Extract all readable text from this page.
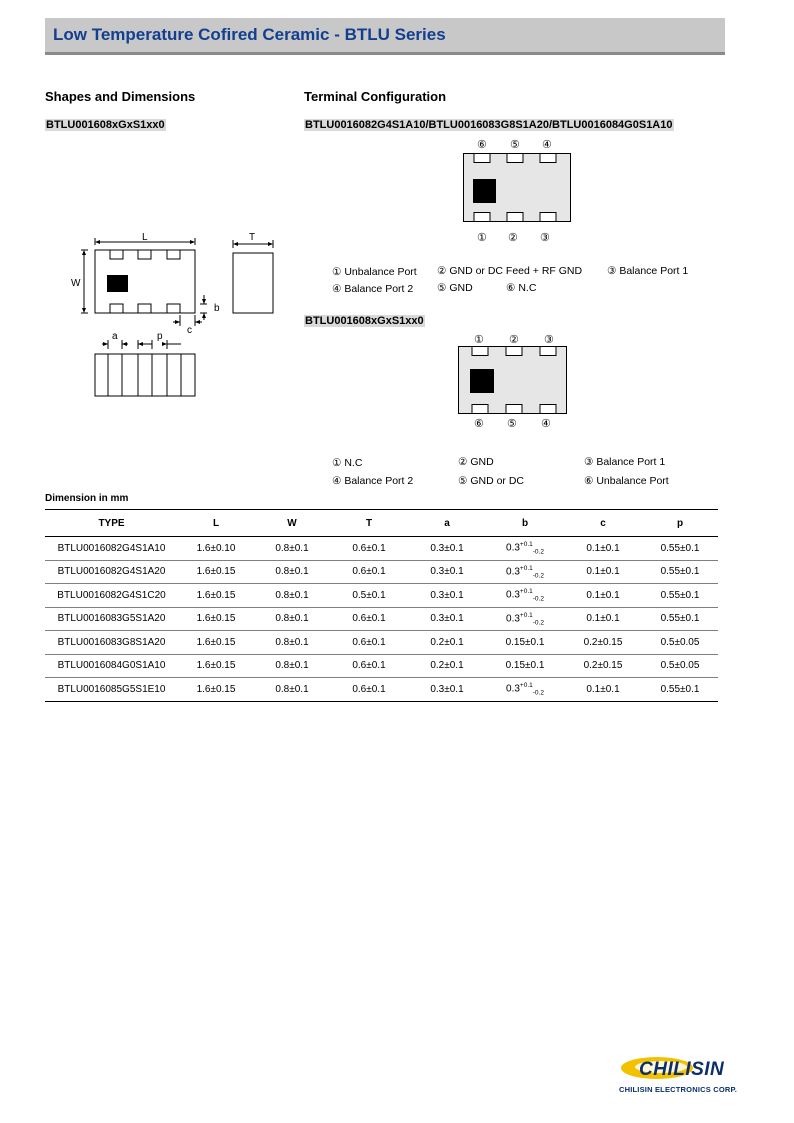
Low Temperature Cofired Ceramic - BTLU Series
Shapes and Dimensions
BTLU001608xGxS1xx0
Terminal Configuration
BTLU0016082G4S1A10/BTLU0016083G8S1A20/BTLU0016084G0S1A10
L
W
b
c
T
a	p
⑥ ⑤ ④
① ② ③
① Unbalance Port ② GND or DC Feed + RF GND ③ Balance Port 1
④ Balance Port 2 ⑤ GND	⑥ N.C
BTLU001608xGxS1xx0
① ② ③
⑥ ⑤ ④
① N.C	② GND	③ Balance Port 1
④ Balance Port 2	⑤ GND or DC	⑥ Unbalance Port
Dimension in mm
TYPE	L	W	T	a	b	c	p
BTLU0016082G4S1A10	1.6±0.10	0.8±0.1	0.6±0.1	0.3±0.1	$0.3^{+0.1}_{-0.2}$	0.1±0.1	0.55±0.1
BTLU0016082G4S1A20	1.6±0.15	0.8±0.1	0.6±0.1	0.3±0.1	$0.3^{+0.1}_{-0.2}$	0.1±0.1	0.55±0.1
BTLU0016082G4S1C20	1.6±0.15	0.8±0.1	0.5±0.1	0.3±0.1	$0.3^{+0.1}_{-0.2}$	0.1±0.1	0.55±0.1
BTLU0016083G5S1A20	1.6±0.15	0.8±0.1	0.6±0.1	0.3±0.1	$0.3^{+0.1}_{-0.2}$	0.1±0.1	0.55±0.1
BTLU0016083G8S1A20	1.6±0.15	0.8±0.1	0.6±0.1	0.2±0.1	0.15±0.1	0.2±0.15	0.5±0.05
BTLU0016084G0S1A10	1.6±0.15	0.8±0.1	0.6±0.1	0.2±0.1	0.15±0.1	0.2±0.15	0.5±0.05
BTLU0016085G5S1E10	1.6±0.15	0.8±0.1	0.6±0.1	0.3±0.1	$0.3^{+0.1}_{-0.2}$	0.1±0.1	0.55±0.1
CHILISIN
CHILISIN ELECTRONICS CORP.
